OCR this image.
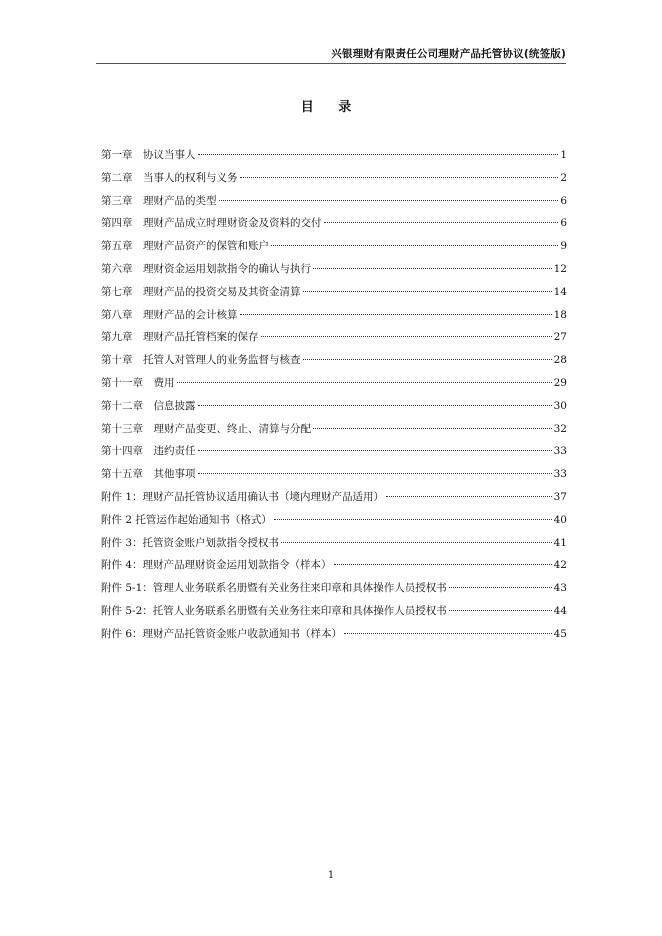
兴银理财有限责任公司理财产品托管协议(统签版)
目 录
第一章　协议当事人	1
第二章　当事人的权利与义务	2
第三章　理财产品的类型	6
第四章　理财产品成立时理财资金及资料的交付	6
第五章　理财产品资产的保管和账户	9
第六章　理财资金运用划款指令的确认与执行	12
第七章　理财产品的投资交易及其资金清算	14
第八章　理财产品的会计核算	18
第九章　理财产品托管档案的保存	27
第十章　托管人对管理人的业务监督与核查	28
第十一章　费用	29
第十二章　信息披露	30
第十三章　理财产品变更、终止、清算与分配	32
第十四章　违约责任	33
第十五章　其他事项	33
附件 1：理财产品托管协议适用确认书（境内理财产品适用）	37
附件 2 托管运作起始通知书（格式）	40
附件 3：托管资金账户划款指令授权书	41
附件 4：理财产品理财资金运用划款指令（样本）	42
附件 5-1：管理人业务联系名册暨有关业务往来印章和具体操作人员授权书	43
附件 5-2：托管人业务联系名册暨有关业务往来印章和具体操作人员授权书	44
附件 6：理财产品托管资金账户收款通知书（样本）	45
1
